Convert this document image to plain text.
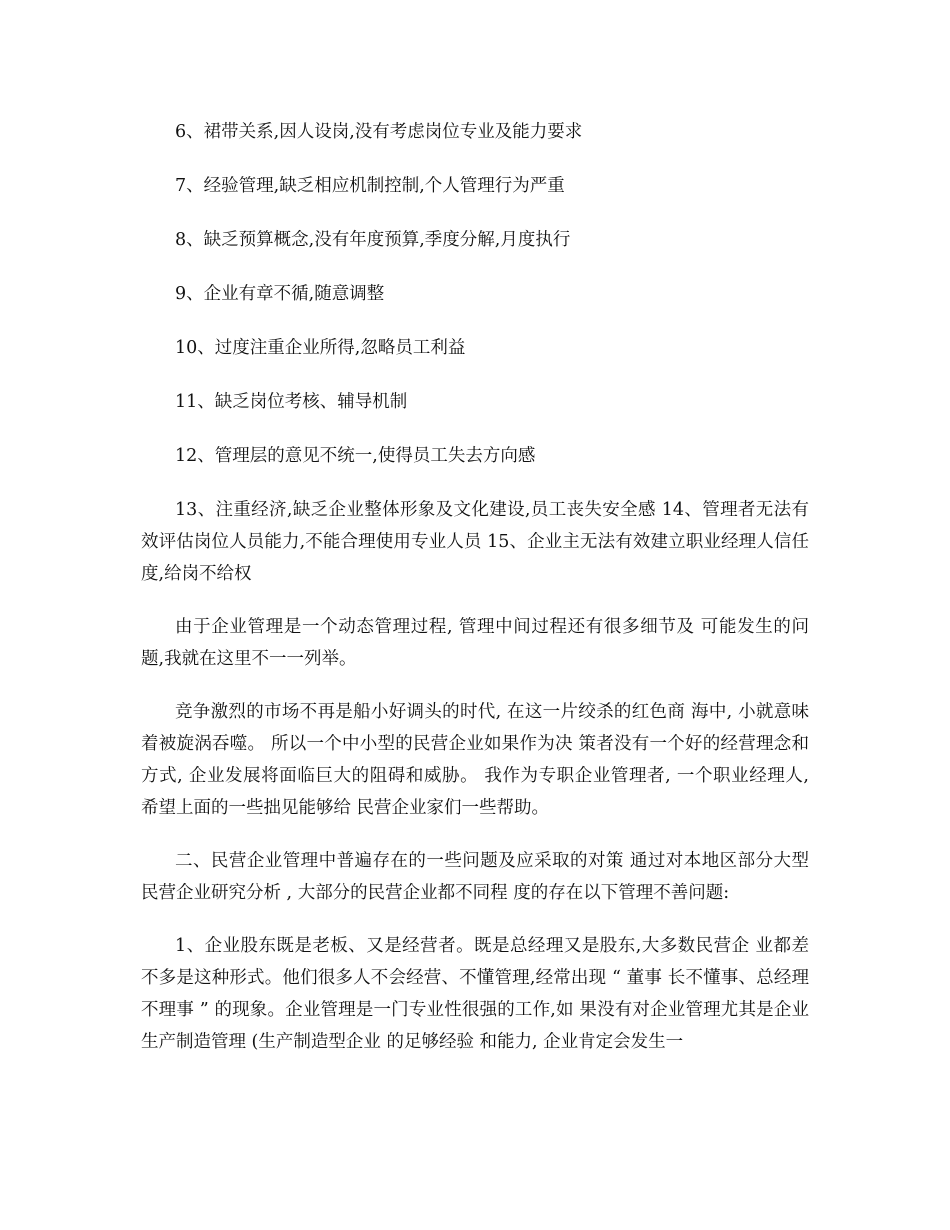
6、裙带关系,因人设岗,没有考虑岗位专业及能力要求

7、经验管理,缺乏相应机制控制,个人管理行为严重

8、缺乏预算概念,没有年度预算,季度分解,月度执行

9、企业有章不循,随意调整

10、过度注重企业所得,忽略员工利益

11、缺乏岗位考核、辅导机制

12、管理层的意见不统一,使得员工失去方向感

13、注重经济,缺乏企业整体形象及文化建设,员工丧失安全感 14、管理者无法有效评估岗位人员能力,不能合理使用专业人员 15、企业主无法有效建立职业经理人信任度,给岗不给权

由于企业管理是一个动态管理过程, 管理中间过程还有很多细节及 可能发生的问题,我就在这里不一一列举。

竞争激烈的市场不再是船小好调头的时代, 在这一片绞杀的红色商 海中, 小就意味着被旋涡吞噬。 所以一个中小型的民营企业如果作为决 策者没有一个好的经营理念和方式, 企业发展将面临巨大的阻碍和威胁。 我作为专职企业管理者, 一个职业经理人, 希望上面的一些拙见能够给 民营企业家们一些帮助。

二、民营企业管理中普遍存在的一些问题及应采取的对策 通过对本地区部分大型民营企业研究分析 , 大部分的民营企业都不同程 度的存在以下管理不善问题:

1、企业股东既是老板、又是经营者。既是总经理又是股东,大多数民营企 业都差不多是这种形式。他们很多人不会经营、不懂管理,经常出现 “ 董事 长不懂事、总经理不理事 ” 的现象。企业管理是一门专业性很强的工作,如 果没有对企业管理尤其是企业生产制造管理 (生产制造型企业 的足够经验 和能力, 企业肯定会发生一
